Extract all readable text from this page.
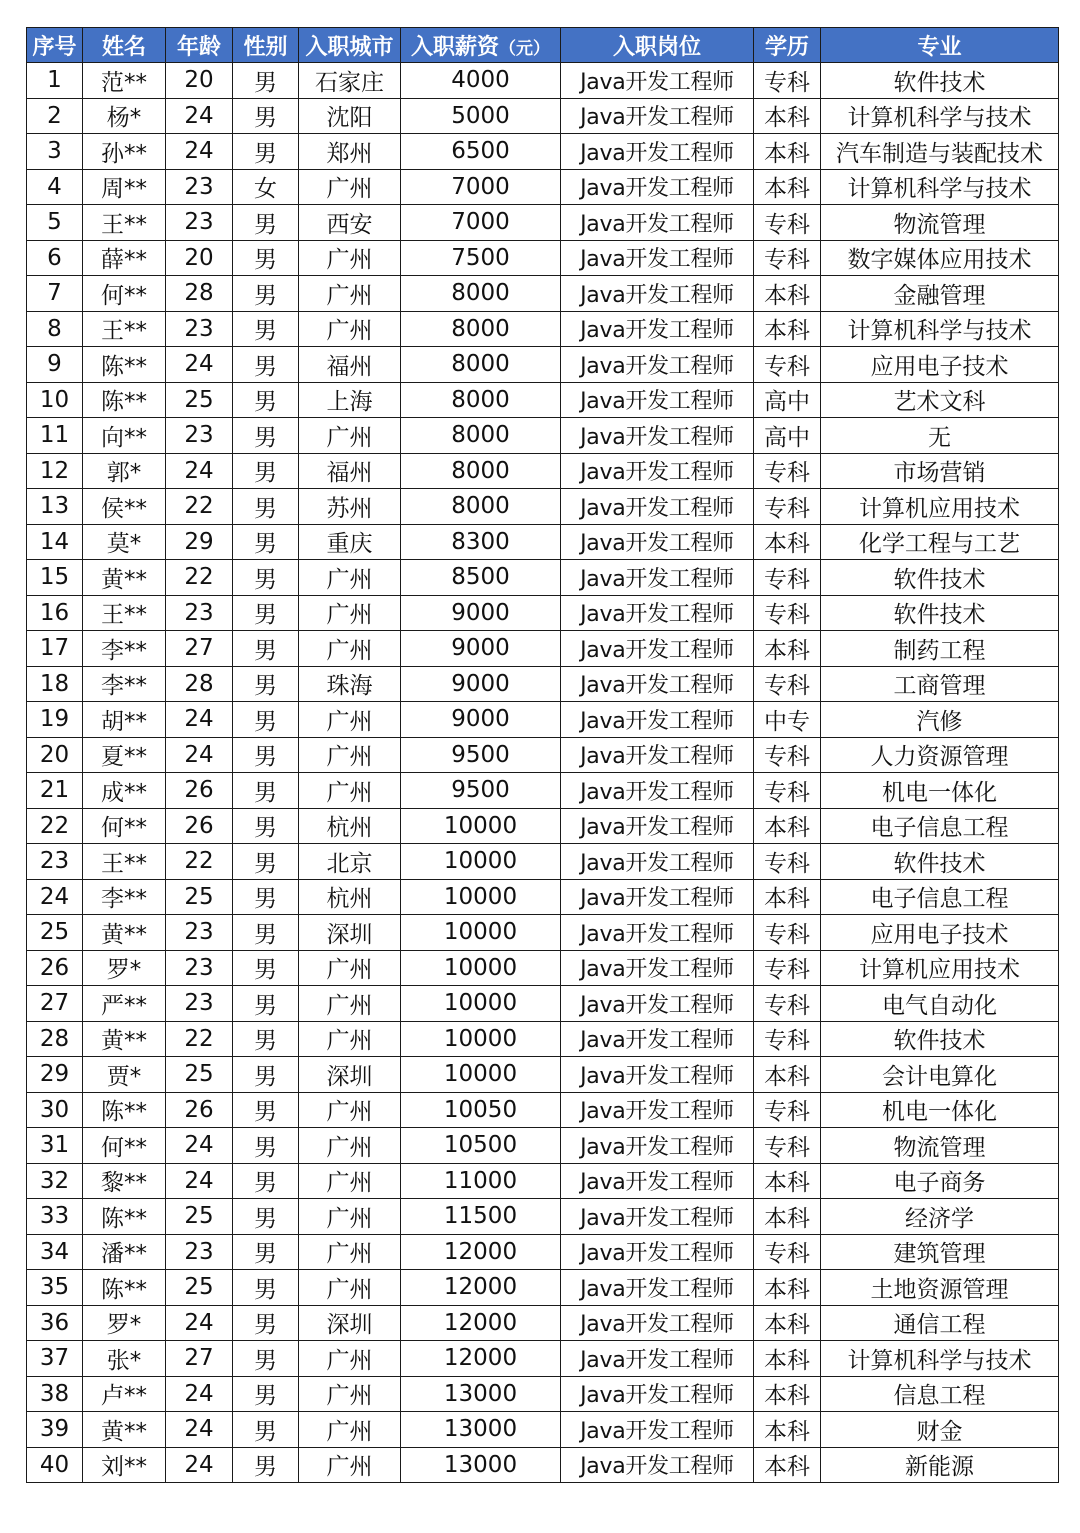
序号	姓名	年龄	性别	入职城市	入职薪资（元）	入职岗位	学历	专业
1	范**	20	男	石家庄	4000	Java开发工程师	专科	软件技术
2	杨*	24	男	沈阳	5000	Java开发工程师	本科	计算机科学与技术
3	孙**	24	男	郑州	6500	Java开发工程师	本科	汽车制造与装配技术
4	周**	23	女	广州	7000	Java开发工程师	本科	计算机科学与技术
5	王**	23	男	西安	7000	Java开发工程师	专科	物流管理
6	薛**	20	男	广州	7500	Java开发工程师	专科	数字媒体应用技术
7	何**	28	男	广州	8000	Java开发工程师	本科	金融管理
8	王**	23	男	广州	8000	Java开发工程师	本科	计算机科学与技术
9	陈**	24	男	福州	8000	Java开发工程师	专科	应用电子技术
10	陈**	25	男	上海	8000	Java开发工程师	高中	艺术文科
11	向**	23	男	广州	8000	Java开发工程师	高中	无
12	郭*	24	男	福州	8000	Java开发工程师	专科	市场营销
13	侯**	22	男	苏州	8000	Java开发工程师	专科	计算机应用技术
14	莫*	29	男	重庆	8300	Java开发工程师	本科	化学工程与工艺
15	黄**	22	男	广州	8500	Java开发工程师	专科	软件技术
16	王**	23	男	广州	9000	Java开发工程师	专科	软件技术
17	李**	27	男	广州	9000	Java开发工程师	本科	制药工程
18	李**	28	男	珠海	9000	Java开发工程师	专科	工商管理
19	胡**	24	男	广州	9000	Java开发工程师	中专	汽修
20	夏**	24	男	广州	9500	Java开发工程师	专科	人力资源管理
21	成**	26	男	广州	9500	Java开发工程师	专科	机电一体化
22	何**	26	男	杭州	10000	Java开发工程师	本科	电子信息工程
23	王**	22	男	北京	10000	Java开发工程师	专科	软件技术
24	李**	25	男	杭州	10000	Java开发工程师	本科	电子信息工程
25	黄**	23	男	深圳	10000	Java开发工程师	专科	应用电子技术
26	罗*	23	男	广州	10000	Java开发工程师	专科	计算机应用技术
27	严**	23	男	广州	10000	Java开发工程师	专科	电气自动化
28	黄**	22	男	广州	10000	Java开发工程师	专科	软件技术
29	贾*	25	男	深圳	10000	Java开发工程师	本科	会计电算化
30	陈**	26	男	广州	10050	Java开发工程师	专科	机电一体化
31	何**	24	男	广州	10500	Java开发工程师	专科	物流管理
32	黎**	24	男	广州	11000	Java开发工程师	本科	电子商务
33	陈**	25	男	广州	11500	Java开发工程师	本科	经济学
34	潘**	23	男	广州	12000	Java开发工程师	专科	建筑管理
35	陈**	25	男	广州	12000	Java开发工程师	本科	土地资源管理
36	罗*	24	男	深圳	12000	Java开发工程师	本科	通信工程
37	张*	27	男	广州	12000	Java开发工程师	本科	计算机科学与技术
38	卢**	24	男	广州	13000	Java开发工程师	本科	信息工程
39	黄**	24	男	广州	13000	Java开发工程师	本科	财金
40	刘**	24	男	广州	13000	Java开发工程师	本科	新能源
